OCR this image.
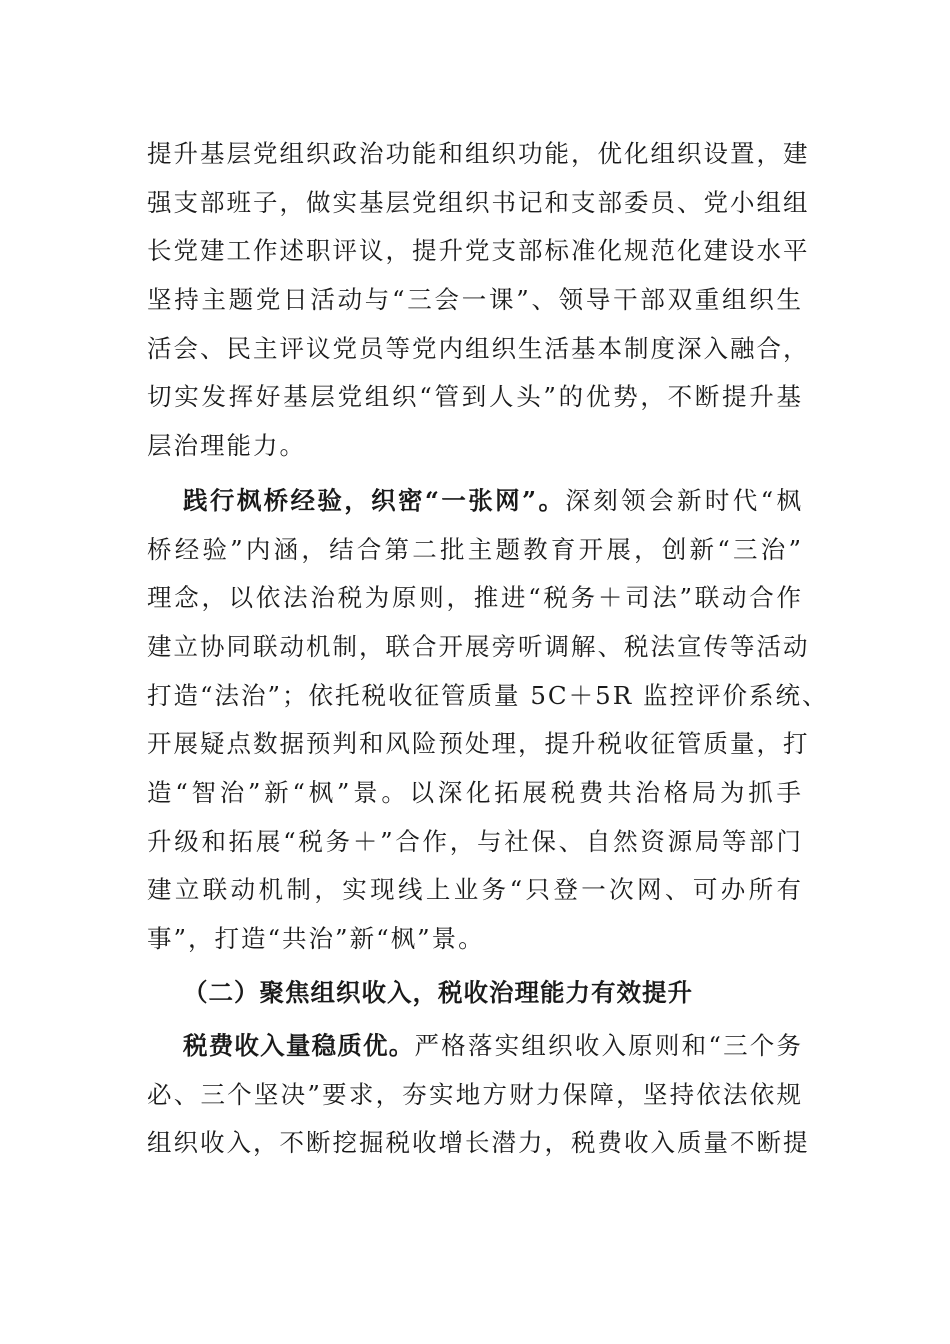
提升基层党组织政治功能和组织功能，优化组织设置，建
强支部班子，做实基层党组织书记和支部委员、党小组组
长党建工作述职评议，提升党支部标准化规范化建设水平
坚持主题党日活动与“三会一课”、领导干部双重组织生
活会、民主评议党员等党内组织生活基本制度深入融合，
切实发挥好基层党组织“管到人头”的优势，不断提升基
层治理能力。
践行枫桥经验，织密“一张网”。深刻领会新时代“枫
桥经验”内涵，结合第二批主题教育开展，创新“三治”
理念，以依法治税为原则，推进“税务＋司法”联动合作
建立协同联动机制，联合开展旁听调解、税法宣传等活动
打造“法治”；依托税收征管质量 5C＋5R 监控评价系统、
开展疑点数据预判和风险预处理，提升税收征管质量，打
造“智治”新“枫”景。以深化拓展税费共治格局为抓手
升级和拓展“税务＋”合作，与社保、自然资源局等部门
建立联动机制，实现线上业务“只登一次网、可办所有
事”，打造“共治”新“枫”景。
（二）聚焦组织收入，税收治理能力有效提升
税费收入量稳质优。严格落实组织收入原则和“三个务
必、三个坚决”要求，夯实地方财力保障，坚持依法依规
组织收入，不断挖掘税收增长潜力，税费收入质量不断提
